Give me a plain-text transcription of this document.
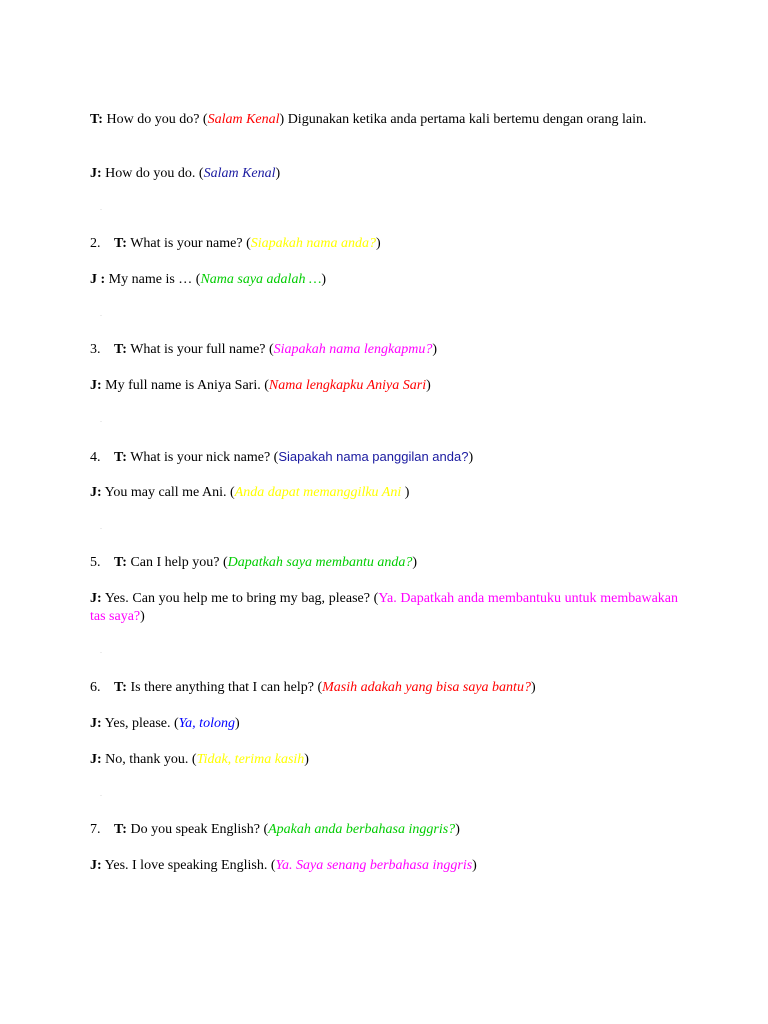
T: How do you do? (Salam Kenal) Digunakan ketika anda pertama kali bertemu dengan orang lain.
J: How do you do. (Salam Kenal)
.
2. T: What is your name? (Siapakah nama anda?)
J : My name is … (Nama saya adalah …)
.
3. T: What is your full name? (Siapakah nama lengkapmu?)
J: My full name is Aniya Sari. (Nama lengkapku Aniya Sari)
.
4. T: What is your nick name? (Siapakah nama panggilan anda?)
J: You may call me Ani. (Anda dapat memanggilku Ani )
.
5. T: Can I help you? (Dapatkah saya membantu anda?)
J: Yes. Can you help me to bring my bag, please? (Ya. Dapatkah anda membantuku untuk membawakan tas saya?)
.
6. T: Is there anything that I can help? (Masih adakah yang bisa saya bantu?)
J: Yes, please. (Ya, tolong)
J: No, thank you. (Tidak, terima kasih)
.
7. T: Do you speak English? (Apakah anda berbahasa inggris?)
J: Yes. I love speaking English. (Ya. Saya senang berbahasa inggris)
